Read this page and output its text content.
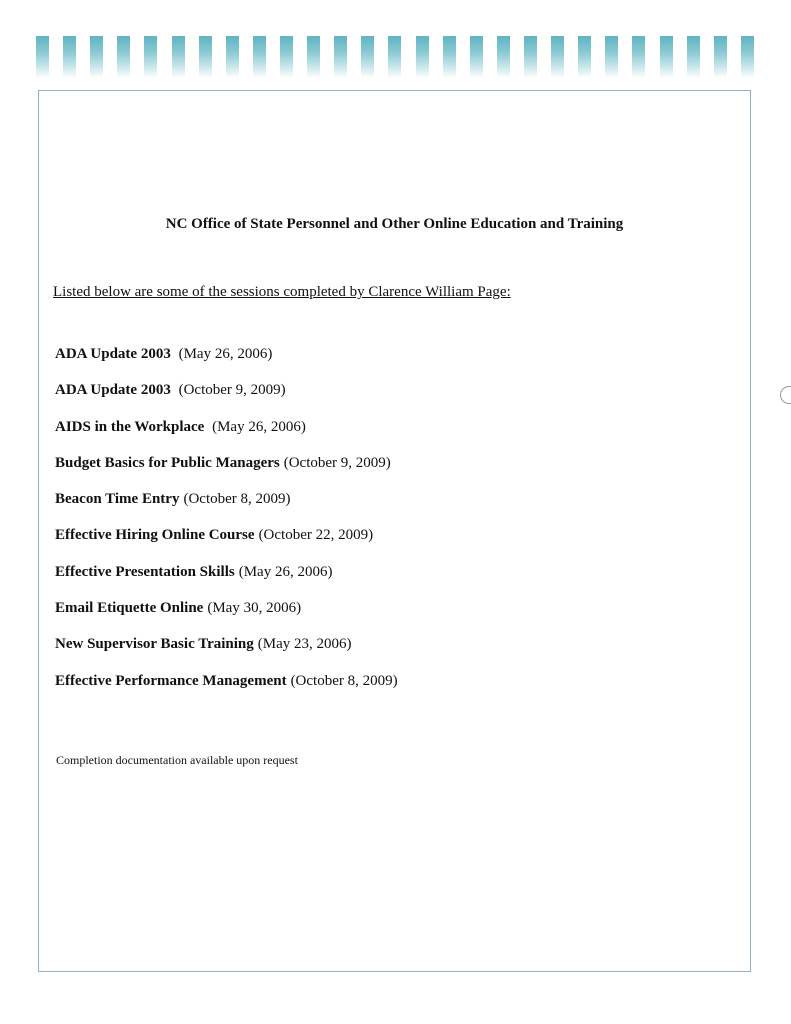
NC Office of State Personnel and Other Online Education and Training

Listed below are some of the sessions completed by Clarence William Page:

ADA Update 2003 (May 26, 2006)
ADA Update 2003 (October 9, 2009)
AIDS in the Workplace (May 26, 2006)
Budget Basics for Public Managers (October 9, 2009)
Beacon Time Entry (October 8, 2009)
Effective Hiring Online Course (October 22, 2009)
Effective Presentation Skills (May 26, 2006)
Email Etiquette Online (May 30, 2006)
New Supervisor Basic Training (May 23, 2006)
Effective Performance Management (October 8, 2009)

Completion documentation available upon request
